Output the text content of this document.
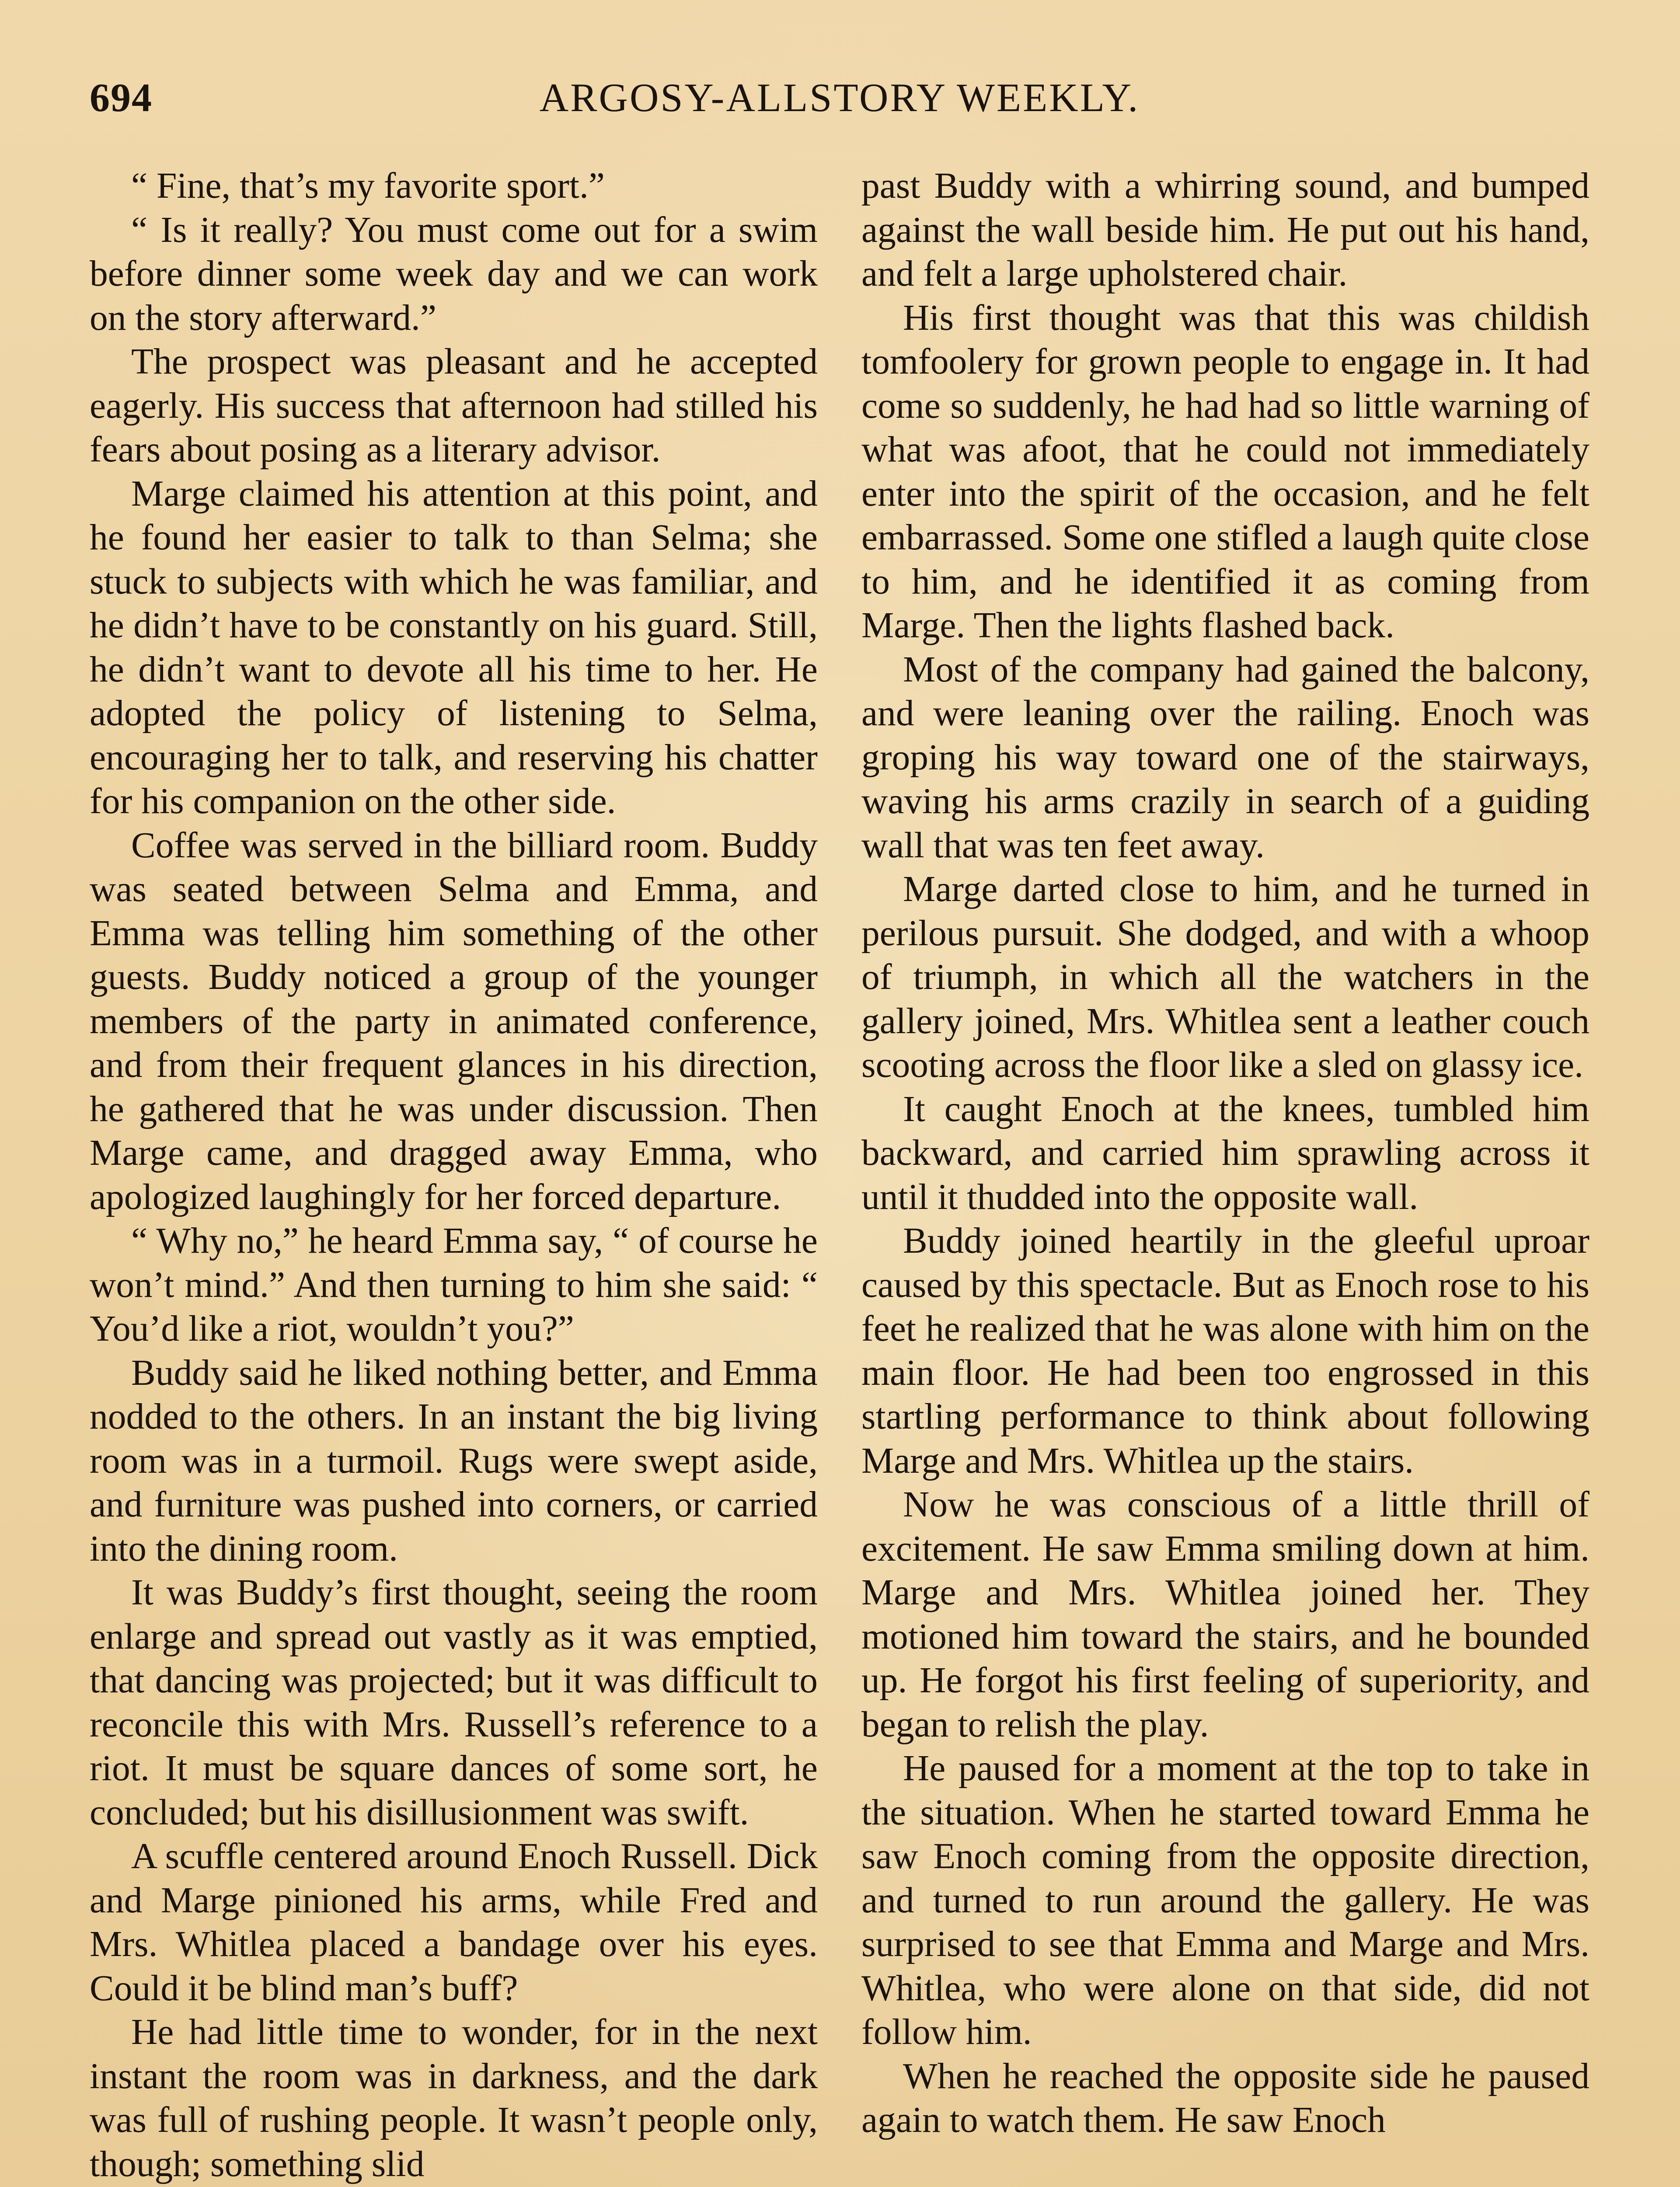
694	ARGOSY-ALLSTORY WEEKLY.

“ Fine, that’s my favorite sport.”

“ Is it really? You must come out for a swim before dinner some week day and we can work on the story afterward.”

The prospect was pleasant and he accepted eagerly. His success that afternoon had stilled his fears about posing as a literary advisor.

Marge claimed his attention at this point, and he found her easier to talk to than Selma; she stuck to subjects with which he was familiar, and he didn’t have to be constantly on his guard. Still, he didn’t want to devote all his time to her. He adopted the policy of listening to Selma, encouraging her to talk, and reserving his chatter for his companion on the other side.

Coffee was served in the billiard room. Buddy was seated between Selma and Emma, and Emma was telling him something of the other guests. Buddy noticed a group of the younger members of the party in animated conference, and from their frequent glances in his direction, he gathered that he was under discussion. Then Marge came, and dragged away Emma, who apologized laughingly for her forced departure.

“ Why no,” he heard Emma say, “ of course he won’t mind.” And then turning to him she said: “ You’d like a riot, wouldn’t you?”

Buddy said he liked nothing better, and Emma nodded to the others. In an instant the big living room was in a turmoil. Rugs were swept aside, and furniture was pushed into corners, or carried into the dining room.

It was Buddy’s first thought, seeing the room enlarge and spread out vastly as it was emptied, that dancing was projected; but it was difficult to reconcile this with Mrs. Russell’s reference to a riot. It must be square dances of some sort, he concluded; but his disillusionment was swift.

A scuffle centered around Enoch Russell. Dick and Marge pinioned his arms, while Fred and Mrs. Whitlea placed a bandage over his eyes. Could it be blind man’s buff?

He had little time to wonder, for in the next instant the room was in darkness, and the dark was full of rushing people. It wasn’t people only, though; something slid

past Buddy with a whirring sound, and bumped against the wall beside him. He put out his hand, and felt a large upholstered chair.

His first thought was that this was childish tomfoolery for grown people to engage in. It had come so suddenly, he had had so little warning of what was afoot, that he could not immediately enter into the spirit of the occasion, and he felt embarrassed. Some one stifled a laugh quite close to him, and he identified it as coming from Marge. Then the lights flashed back.

Most of the company had gained the balcony, and were leaning over the railing. Enoch was groping his way toward one of the stairways, waving his arms crazily in search of a guiding wall that was ten feet away.

Marge darted close to him, and he turned in perilous pursuit. She dodged, and with a whoop of triumph, in which all the watchers in the gallery joined, Mrs. Whitlea sent a leather couch scooting across the floor like a sled on glassy ice.

It caught Enoch at the knees, tumbled him backward, and carried him sprawling across it until it thudded into the opposite wall.

Buddy joined heartily in the gleeful uproar caused by this spectacle. But as Enoch rose to his feet he realized that he was alone with him on the main floor. He had been too engrossed in this startling performance to think about following Marge and Mrs. Whitlea up the stairs.

Now he was conscious of a little thrill of excitement. He saw Emma smiling down at him. Marge and Mrs. Whitlea joined her. They motioned him toward the stairs, and he bounded up. He forgot his first feeling of superiority, and began to relish the play.

He paused for a moment at the top to take in the situation. When he started toward Emma he saw Enoch coming from the opposite direction, and turned to run around the gallery. He was surprised to see that Emma and Marge and Mrs. Whitlea, who were alone on that side, did not follow him.

When he reached the opposite side he paused again to watch them. He saw Enoch
